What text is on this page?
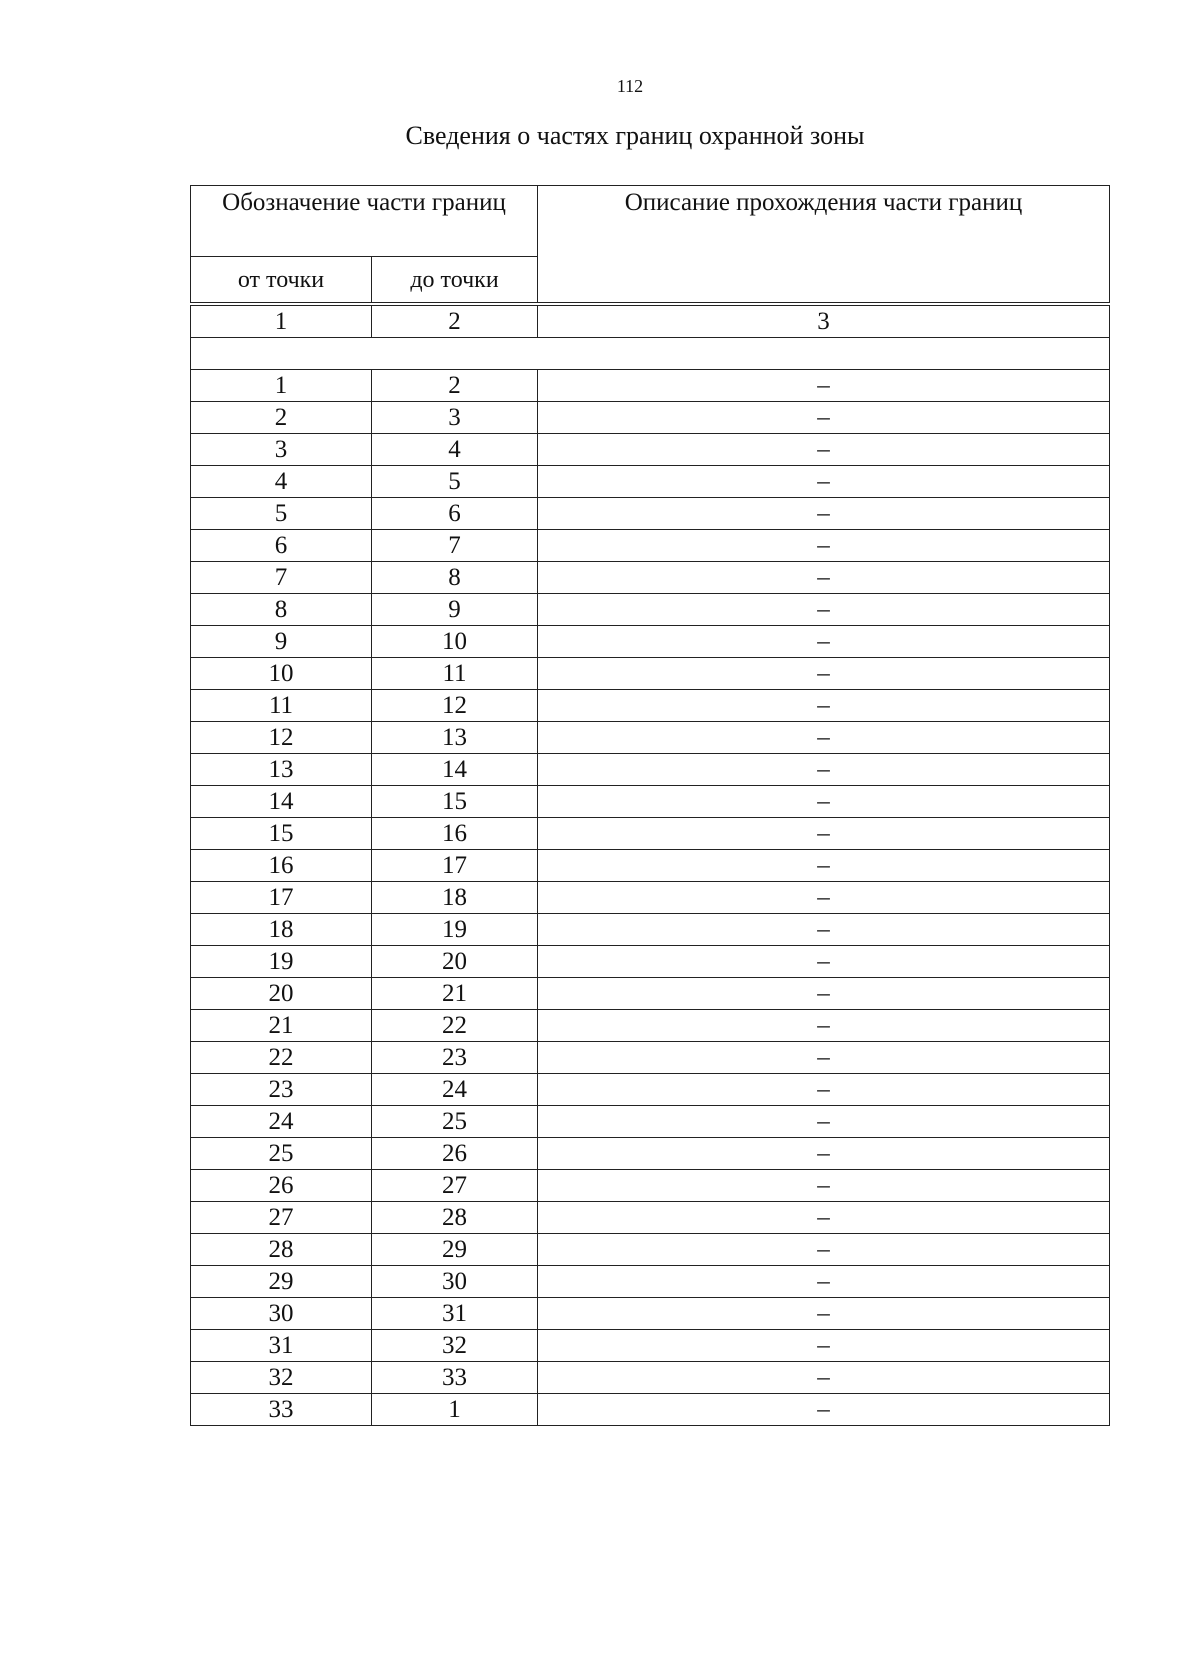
112
Сведения о частях границ охранной зоны
Обозначение части границ		Описание прохождения части границ
от точки	до точки	

1	2	3

1	2	–
2	3	–
3	4	–
4	5	–
5	6	–
6	7	–
7	8	–
8	9	–
9	10	–
10	11	–
11	12	–
12	13	–
13	14	–
14	15	–
15	16	–
16	17	–
17	18	–
18	19	–
19	20	–
20	21	–
21	22	–
22	23	–
23	24	–
24	25	–
25	26	–
26	27	–
27	28	–
28	29	–
29	30	–
30	31	–
31	32	–
32	33	–
33	1	–
